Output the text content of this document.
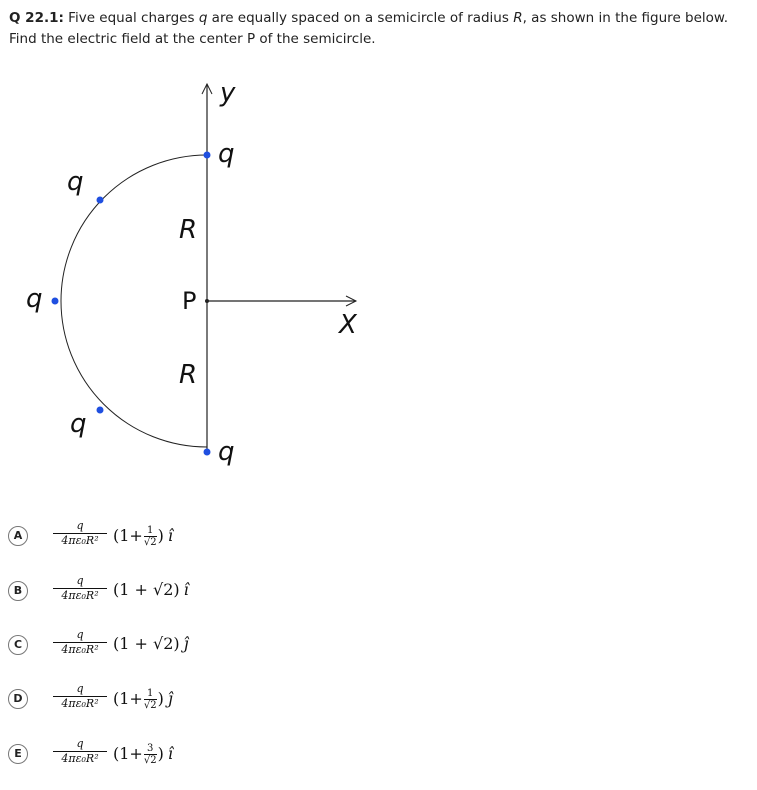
Q 22.1: Five equal charges q are equally spaced on a semicircle of radius R, as shown in the figure below. Find the electric field at the center P of the semicircle.
y
q
q
q
q
q
R
R
P
X
A
q
4πε₀R² ($1+ \frac{1}{√2}$ ) î
B
q
4πε₀R² (1 + √2) î
C
q
4πε₀R² (1 + √2) ĵ
D
q
4πε₀R² ($1+ \frac{1}{√2}$ ) ĵ
E
q
4πε₀R² ($1+ \frac{3}{√2}$ ) î
